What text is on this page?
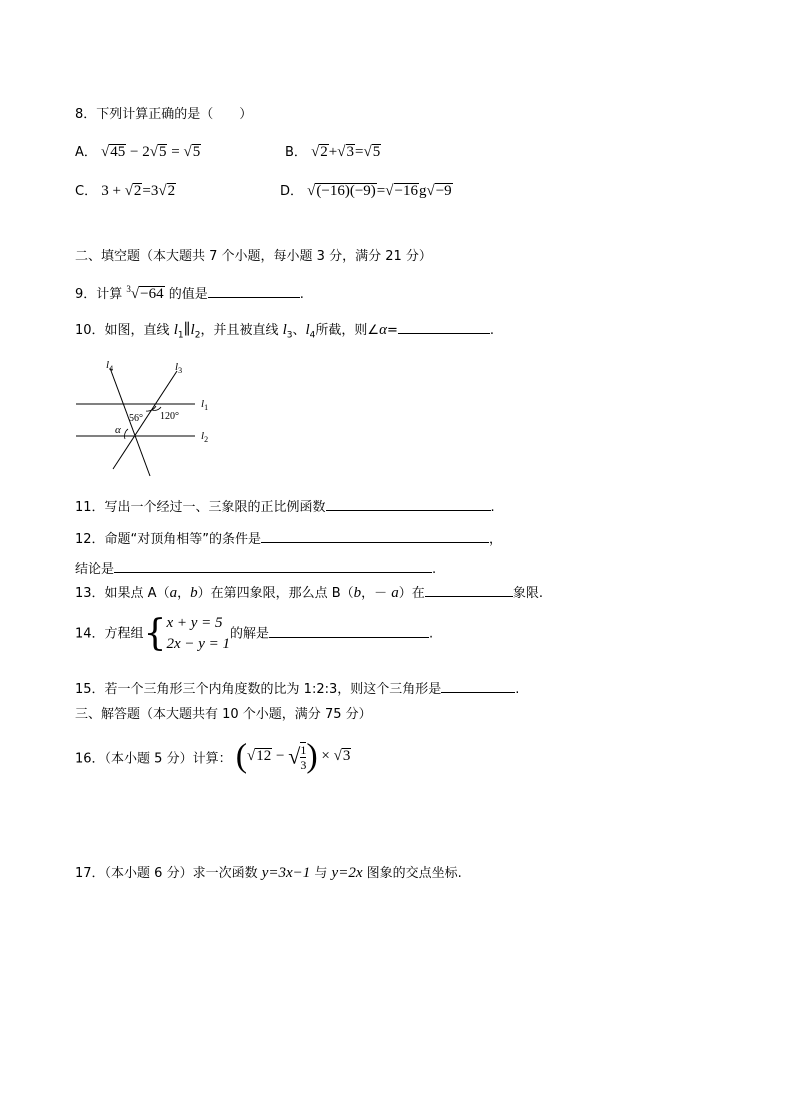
8．下列计算正确的是（　　）
A． √45 − 2√5 = √5	B． √2+√3=√5
C． 3 + √2=3√2	D． √(−16)(−9)=√−16g√−9
二、填空题（本大题共 7 个小题，每小题 3 分，满分 21 分）
9．计算 $^3$√−64 的值是	.
10．如图，直线 $l_1\parallel l_2$，并且被直线 $l_3$、$l_4$所截，则∠α=	.
$l_4$	$l_3$
$l_1$
$l_2$
56° 120°
α
11．写出一个经过一、三象限的正比例函数	.
12．命题“对顶角相等”的条件是	，
结论是	.
13．如果点 A（a，b）在第四象限，那么点 B（b，－ a）在	象限.
14．方程组{x + y = 5
2x − y = 1的解是	.
15．若一个三角形三个内角度数的比为 1:2:3，则这个三角形是	.
三、解答题（本大题共有 10 个小题，满分 75 分）
16．（本小题 5 分）计算： (√12 − √ $\frac{1}{3}$ ) × √3
17．（本小题 6 分）求一次函数 y=3x−1 与 y=2x 图象的交点坐标.
